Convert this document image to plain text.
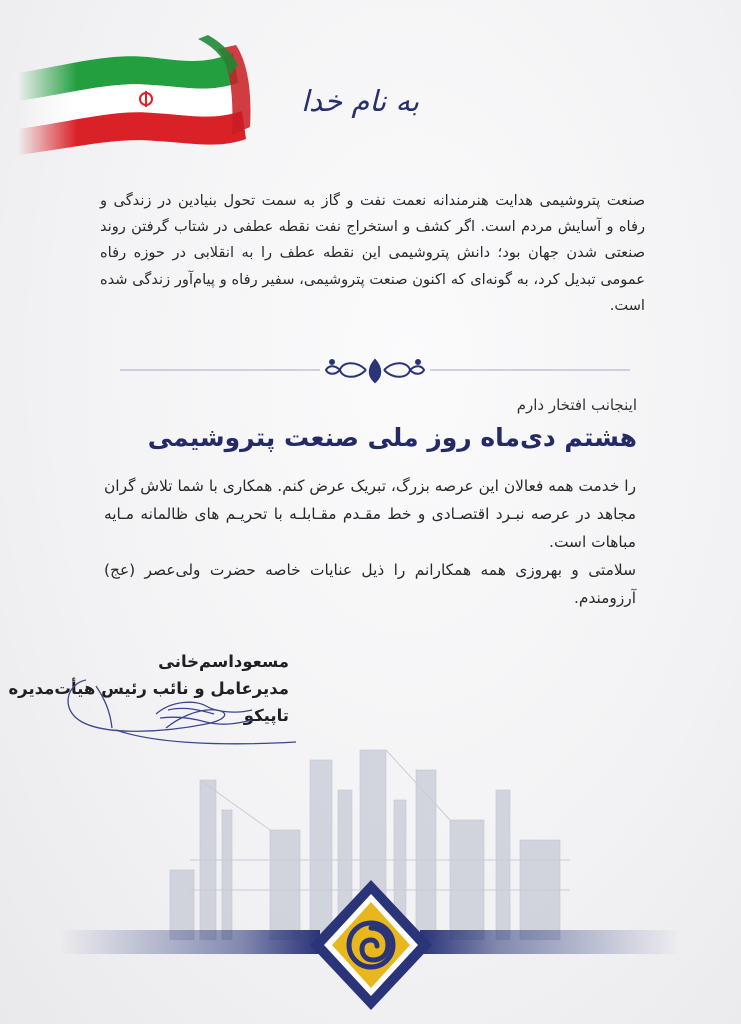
به نام خدا
صنعت پتروشیمی هدایت هنرمندانه نعمت نفت و گاز به سمت تحول بنیادین در زندگی و رفاه و آسایش مردم است. اگر کشف و استخراج نفت نقطه عطفی در شتاب گرفتن روند صنعتی شدن جهان بود؛ دانش پتروشیمی این نقطه عطف را به انقلابی در حوزه رفاه عمومی تبدیل کرد، به گونه‌ای که اکنون صنعت پتروشیمی، سفیر رفاه و پیام‌آور زندگی شده است.
اینجانب افتخار دارم
هشتم دی‌ماه روز ملی صنعت پتروشیمی

را خدمت همه فعالان این عرصه بزرگ، تبریک عرض کنم. همکاری با شما تلاش گران مجاهد در عرصه نبـرد اقتصـادی و خط مقـدم مقـابلـه با تحریـم های ظالمانه مـایه مباهات است.

سلامتی و بهروزی همه همکارانم را ذیل عنایات خاصه حضرت ولی‌عصر (عج) آرزومندم.

مسعوداسم‌خانی
مدیرعامل و نائب رئیس هیأت‌مدیره
تاپیکو
